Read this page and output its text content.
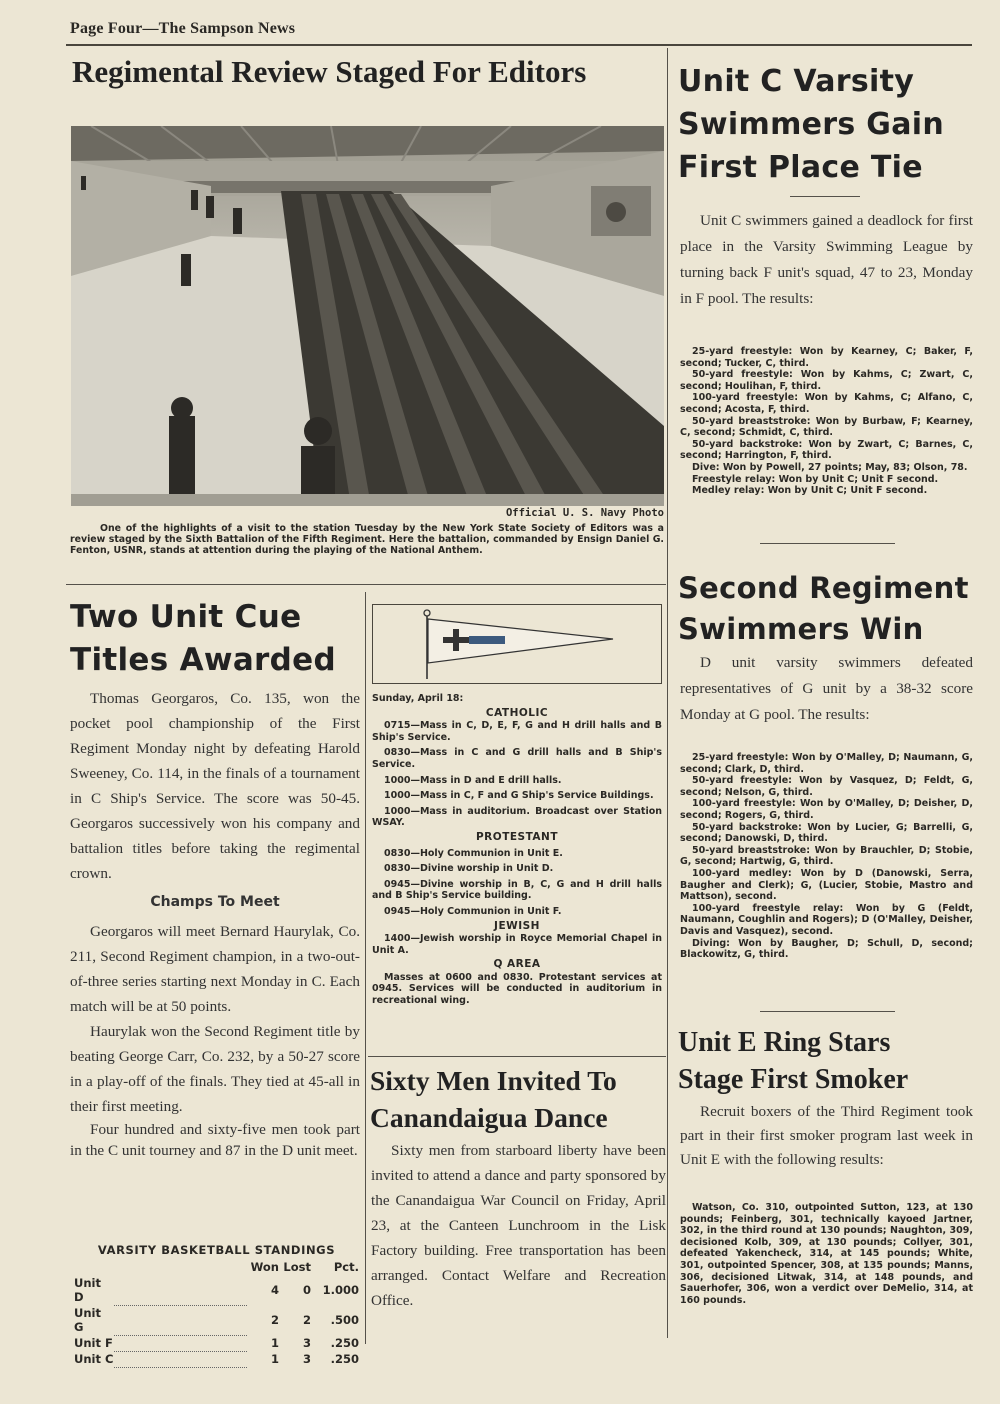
Page Four—The Sampson News
Regimental Review Staged For Editors
Official U. S. Navy Photo
One of the highlights of a visit to the station Tuesday by the New York State Society of Editors was a review staged by the Sixth Battalion of the Fifth Regiment. Here the battalion, commanded by Ensign Daniel G. Fenton, USNR, stands at attention during the playing of the National Anthem.
Two Unit Cue
Titles Awarded

Thomas Georgaros, Co. 135, won the pocket pool championship of the First Regiment Monday night by defeating Harold Sweeney, Co. 114, in the finals of a tournament in C Ship's Service. The score was 50-45. Georgaros successively won his company and battalion titles before taking the regimental crown.

Champs To Meet

Georgaros will meet Bernard Haurylak, Co. 211, Second Regiment champion, in a two-out-of-three series starting next Monday in C. Each match will be at 50 points.

Haurylak won the Second Regiment title by beating George Carr, Co. 232, by a 50-27 score in a play-off of the finals. They tied at 45-all in their first meeting.

Four hundred and sixty-five men took part in the C unit tourney and 87 in the D unit meet.

VARSITY BASKETBALL STANDINGS
		Won	Lost	Pct.
Unit D		4	0	1.000
Unit G		2	2	.500
Unit F		1	3	.250
Unit C		1	3	.250
Sunday, April 18:
CATHOLIC

0715—Mass in C, D, E, F, G and H drill halls and B Ship's Service.

0830—Mass in C and G drill halls and B Ship's Service.

1000—Mass in D and E drill halls.

1000—Mass in C, F and G Ship's Service Buildings.

1000—Mass in auditorium. Broadcast over Station WSAY.

PROTESTANT

0830—Holy Communion in Unit E.

0830—Divine worship in Unit D.

0945—Divine worship in B, C, G and H drill halls and B Ship's Service building.

0945—Holy Communion in Unit F.

JEWISH

1400—Jewish worship in Royce Memorial Chapel in Unit A.

Q AREA

Masses at 0600 and 0830. Protestant services at 0945. Services will be conducted in auditorium in recreational wing.

Sixty Men Invited To
Canandaigua Dance

Sixty men from starboard liberty have been invited to attend a dance and party sponsored by the Canandaigua War Council on Friday, April 23, at the Canteen Lunchroom in the Lisk Factory building. Free transportation has been arranged. Contact Welfare and Recreation Office.

Unit C Varsity
Swimmers Gain
First Place Tie

Unit C swimmers gained a deadlock for first place in the Varsity Swimming League by turning back F unit's squad, 47 to 23, Monday in F pool. The results:

25-yard freestyle: Won by Kearney, C; Baker, F, second; Tucker, C, third.

50-yard freestyle: Won by Kahms, C; Zwart, C, second; Houlihan, F, third.

100-yard freestyle: Won by Kahms, C; Alfano, C, second; Acosta, F, third.

50-yard breaststroke: Won by Burbaw, F; Kearney, C, second; Schmidt, C, third.

50-yard backstroke: Won by Zwart, C; Barnes, C, second; Harrington, F, third.

Dive: Won by Powell, 27 points; May, 83; Olson, 78.

Freestyle relay: Won by Unit C; Unit F second.

Medley relay: Won by Unit C; Unit F second.

Second Regiment
Swimmers Win

D unit varsity swimmers defeated representatives of G unit by a 38-32 score Monday at G pool. The results:

25-yard freestyle: Won by O'Malley, D; Naumann, G, second; Clark, D, third.

50-yard freestyle: Won by Vasquez, D; Feldt, G, second; Nelson, G, third.

100-yard freestyle: Won by O'Malley, D; Deisher, D, second; Rogers, G, third.

50-yard backstroke: Won by Lucier, G; Barrelli, G, second; Danowski, D, third.

50-yard breaststroke: Won by Brauchler, D; Stobie, G, second; Hartwig, G, third.

100-yard medley: Won by D (Danowski, Serra, Baugher and Clerk); G, (Lucier, Stobie, Mastro and Mattson), second.

100-yard freestyle relay: Won by G (Feldt, Naumann, Coughlin and Rogers); D (O'Malley, Deisher, Davis and Vasquez), second.

Diving: Won by Baugher, D; Schull, D, second; Blackowitz, G, third.

Unit E Ring Stars
Stage First Smoker

Recruit boxers of the Third Regiment took part in their first smoker program last week in Unit E with the following results:

Watson, Co. 310, outpointed Sutton, 123, at 130 pounds; Feinberg, 301, technically kayoed Jartner, 302, in the third round at 130 pounds; Naughton, 309, decisioned Kolb, 309, at 130 pounds; Collyer, 301, defeated Yakencheck, 314, at 145 pounds; White, 301, outpointed Spencer, 308, at 135 pounds; Manns, 306, decisioned Litwak, 314, at 148 pounds, and Sauerhofer, 306, won a verdict over DeMelio, 314, at 160 pounds.
